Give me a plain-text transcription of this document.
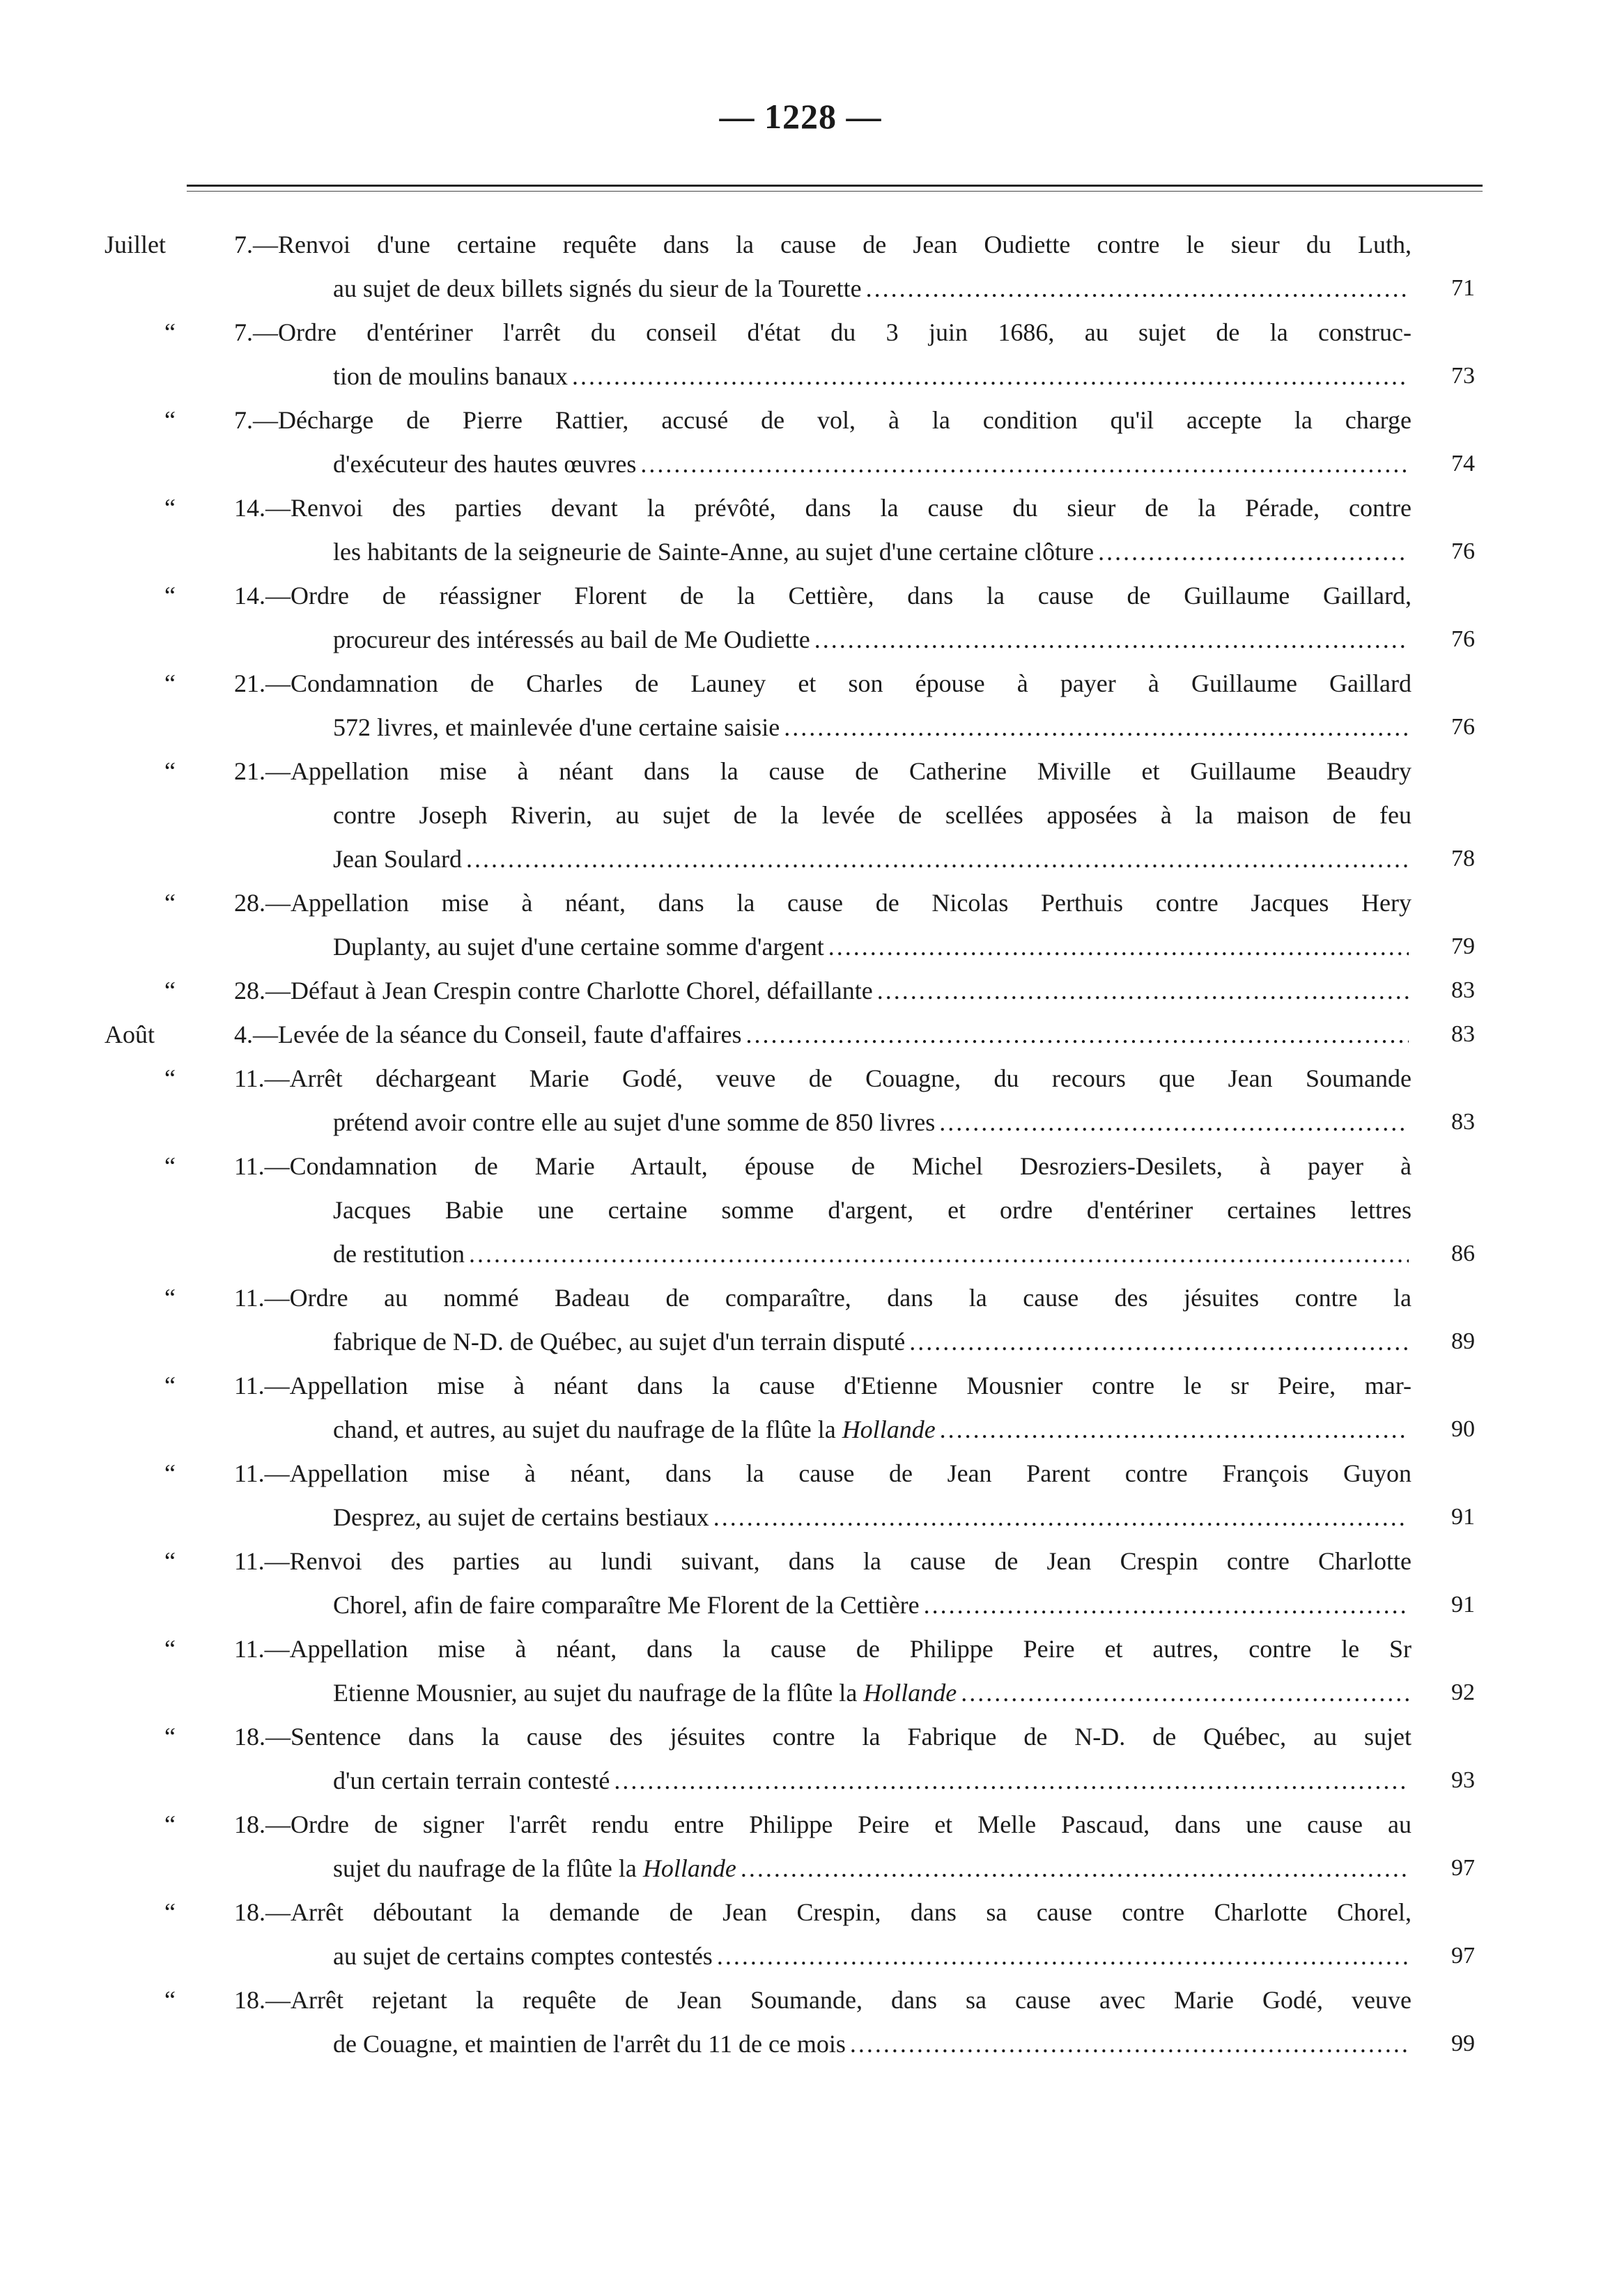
— 1228 —
Juillet	7.—Renvoi d'une certaine requête dans la cause de Jean Oudiette contre le sieur du Luth,
au sujet de deux billets signés du sieur de la Tourette .....	71
“ 7.—Ordre d'entériner l'arrêt du conseil d'état du 3 juin 1686, au sujet de la construc-
tion de moulins banaux .....	73
“ 7.—Décharge de Pierre Rattier, accusé de vol, à la condition qu'il accepte la charge
d'exécuteur des hautes œuvres .....	74
“ 14.—Renvoi des parties devant la prévôté, dans la cause du sieur de la Pérade, contre
les habitants de la seigneurie de Sainte-Anne, au sujet d'une certaine clôture .....	76
“ 14.—Ordre de réassigner Florent de la Cettière, dans la cause de Guillaume Gaillard,
procureur des intéressés au bail de Me Oudiette .....	76
“ 21.—Condamnation de Charles de Launey et son épouse à payer à Guillaume Gaillard
572 livres, et mainlevée d'une certaine saisie .....	76
“ 21.—Appellation mise à néant dans la cause de Catherine Miville et Guillaume Beaudry
contre Joseph Riverin, au sujet de la levée de scellées apposées à la maison de feu
Jean Soulard .....	78
“ 28.—Appellation mise à néant, dans la cause de Nicolas Perthuis contre Jacques Hery
Duplanty, au sujet d'une certaine somme d'argent .....	79
“ 28.—Défaut à Jean Crespin contre Charlotte Chorel, défaillante .....	83
Août	4.—Levée de la séance du Conseil, faute d'affaires .....	83
“ 11.—Arrêt déchargeant Marie Godé, veuve de Couagne, du recours que Jean Soumande
prétend avoir contre elle au sujet d'une somme de 850 livres .....	83
“ 11.—Condamnation de Marie Artault, épouse de Michel Desroziers-Desilets, à payer à
Jacques Babie une certaine somme d'argent, et ordre d'entériner certaines lettres
de restitution .....	86
“ 11.—Ordre au nommé Badeau de comparaître, dans la cause des jésuites contre la
fabrique de N-D. de Québec, au sujet d'un terrain disputé .....	89
“ 11.—Appellation mise à néant dans la cause d'Etienne Mousnier contre le sr Peire, mar-
chand, et autres, au sujet du naufrage de la flûte la Hollande .....	90
“ 11.—Appellation mise à néant, dans la cause de Jean Parent contre François Guyon
Desprez, au sujet de certains bestiaux .....	91
“ 11.—Renvoi des parties au lundi suivant, dans la cause de Jean Crespin contre Charlotte
Chorel, afin de faire comparaître Me Florent de la Cettière .....	91
“ 11.—Appellation mise à néant, dans la cause de Philippe Peire et autres, contre le Sr
Etienne Mousnier, au sujet du naufrage de la flûte la Hollande .....	92
“ 18.—Sentence dans la cause des jésuites contre la Fabrique de N-D. de Québec, au sujet
d'un certain terrain contesté .....	93
“ 18.—Ordre de signer l'arrêt rendu entre Philippe Peire et Melle Pascaud, dans une cause au
sujet du naufrage de la flûte la Hollande .....	97
“ 18.—Arrêt déboutant la demande de Jean Crespin, dans sa cause contre Charlotte Chorel,
au sujet de certains comptes contestés .....	97
“ 18.—Arrêt rejetant la requête de Jean Soumande, dans sa cause avec Marie Godé, veuve
de Couagne, et maintien de l'arrêt du 11 de ce mois .....	99
